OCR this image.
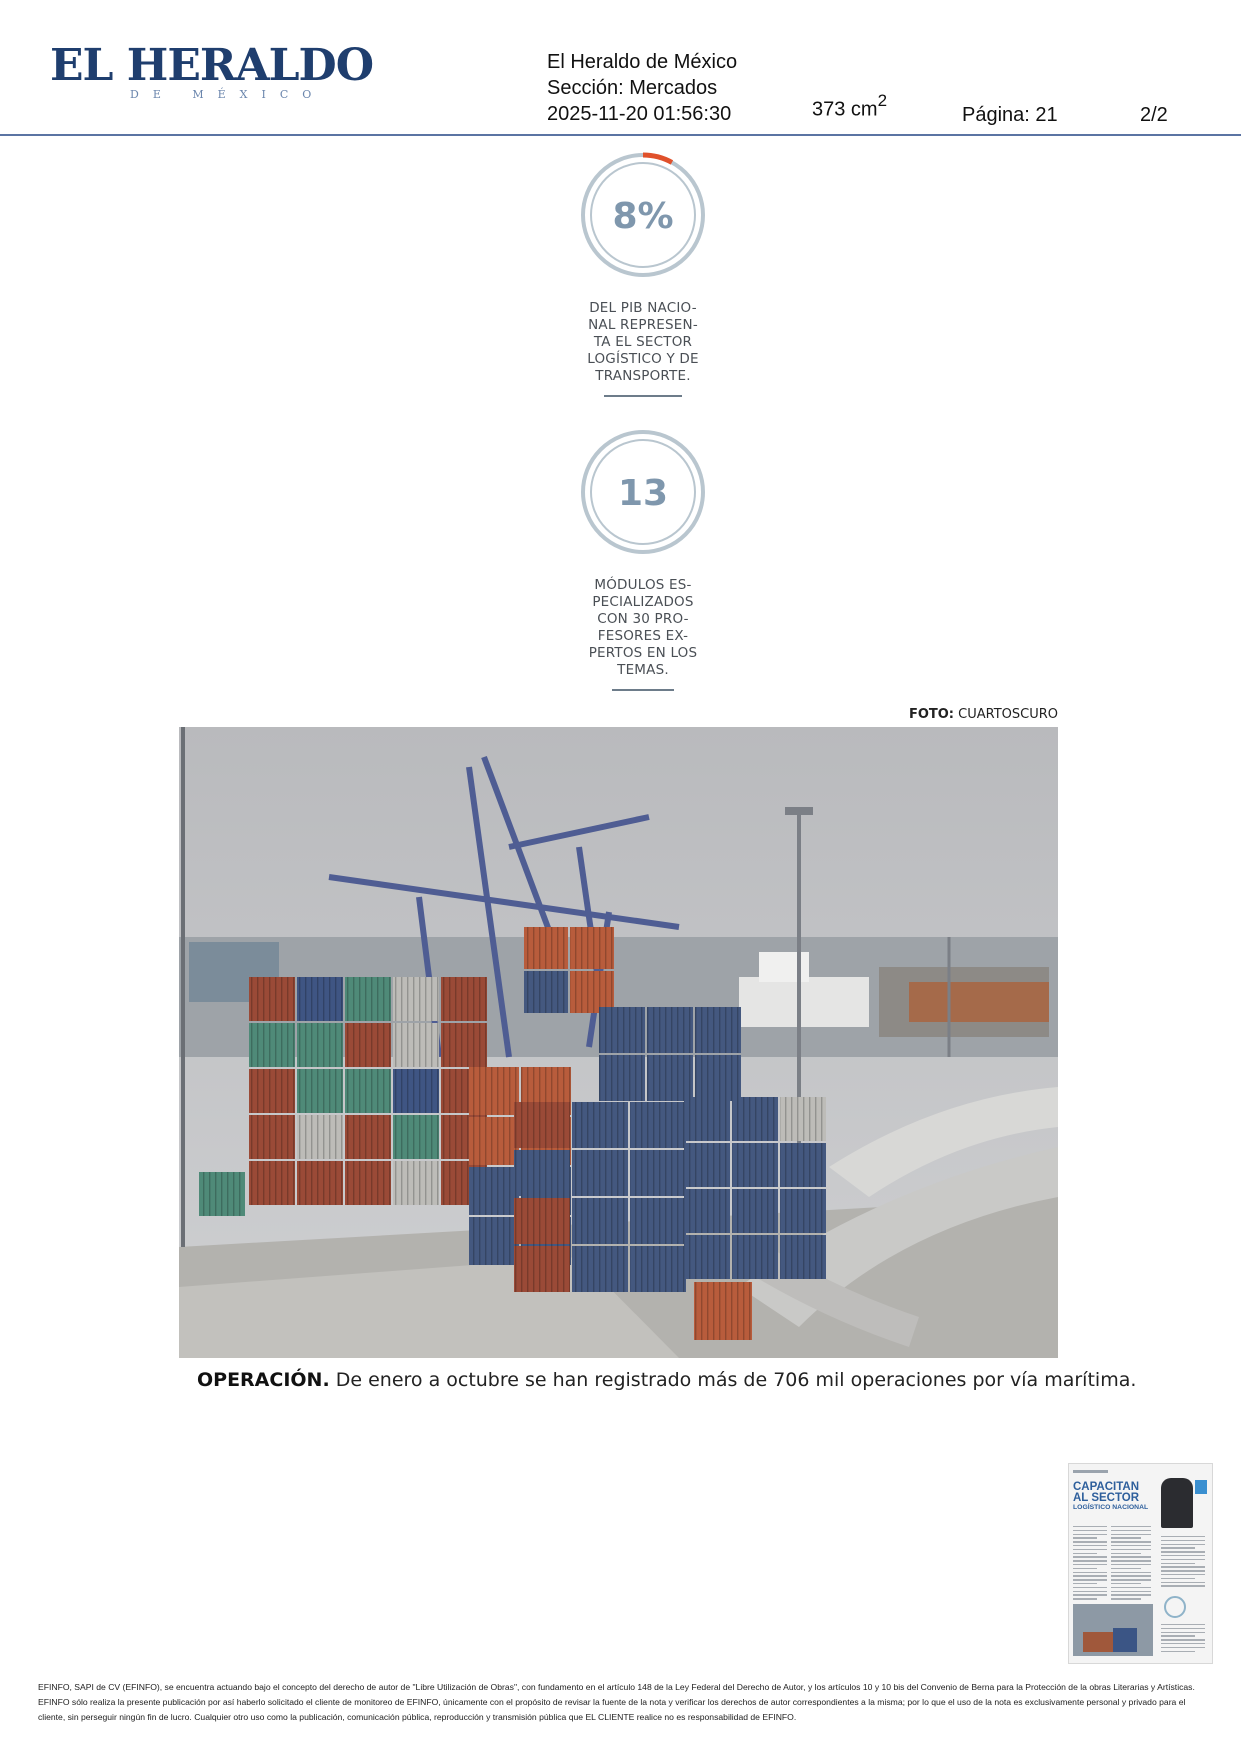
EL HERALDO
DE MÉXICO
El Heraldo de México
Sección: Mercados
2025-11-20 01:56:30	373 $cm^2$
Página: 21	2/2
8%
DEL PIB NACIO-
NAL REPRESEN-
TA EL SECTOR
LOGÍSTICO Y DE
TRANSPORTE.
13
MÓDULOS ES-
PECIALIZADOS
CON 30 PRO-
FESORES EX-
PERTOS EN LOS
TEMAS.
FOTO: CUARTOSCURO
OPERACIÓN. De enero a octubre se han registrado más de 706 mil operaciones por vía marítima.
CAPACITAN
AL SECTOR
LOGÍSTICO NACIONAL
EFINFO, SAPI de CV (EFINFO), se encuentra actuando bajo el concepto del derecho de autor de "Libre Utilización de Obras", con fundamento en el artículo 148 de la Ley Federal del Derecho de Autor, y los artículos 10 y 10 bis del Convenio de Berna para la Protección de la obras Literarias y Artísticas. EFINFO sólo realiza la presente publicación por así haberlo solicitado el cliente de monitoreo de EFINFO, únicamente con el propósito de revisar la fuente de la nota y verificar los derechos de autor correspondientes a la misma; por lo que el uso de la nota es exclusivamente personal y privado para el cliente, sin perseguir ningún fin de lucro. Cualquier otro uso como la publicación, comunicación pública, reproducción y transmisión pública que EL CLIENTE realice no es responsabilidad de EFINFO.
